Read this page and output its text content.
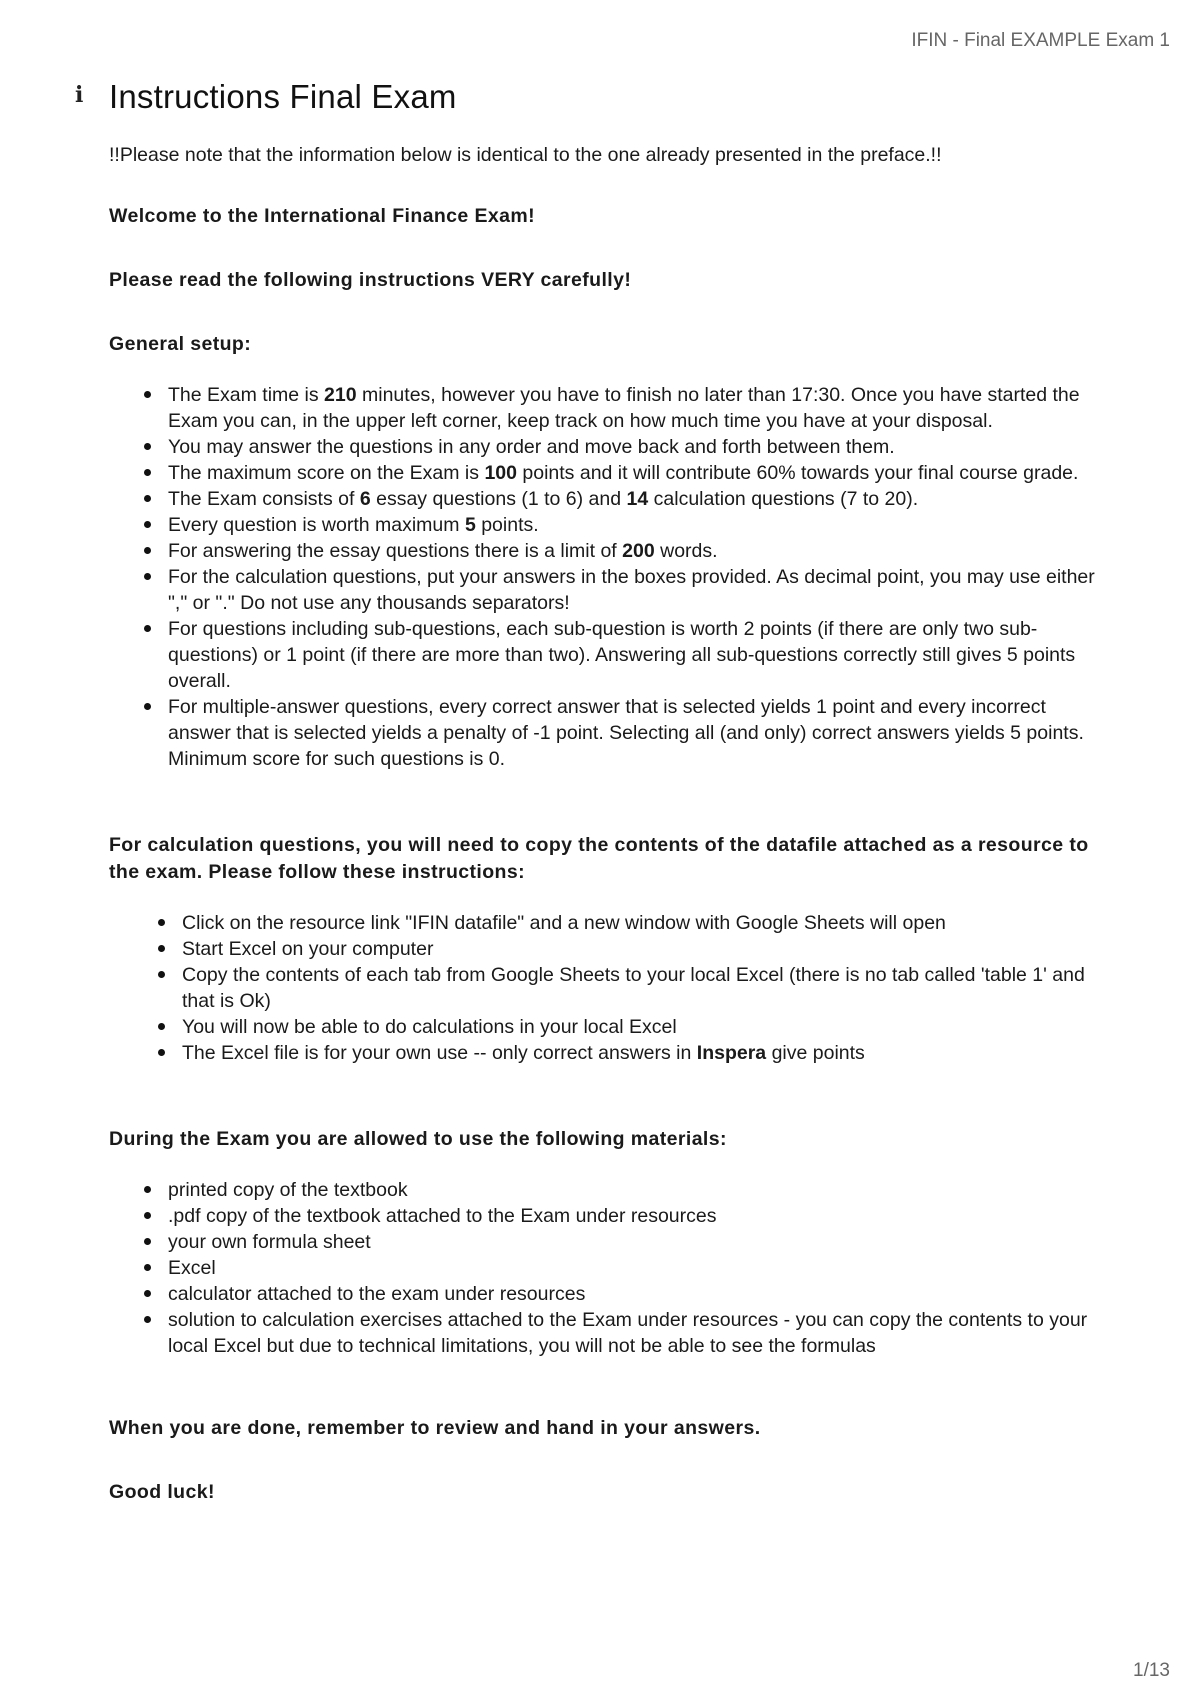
IFIN - Final EXAMPLE Exam 1
i Instructions Final Exam

!!Please note that the information below is identical to the one already presented in the preface.!!

Welcome to the International Finance Exam!

Please read the following instructions VERY carefully!

General setup:

The Exam time is 210 minutes, however you have to finish no later than 17:30. Once you have started the Exam you can, in the upper left corner, keep track on how much time you have at your disposal.
You may answer the questions in any order and move back and forth between them.
The maximum score on the Exam is 100 points and it will contribute 60% towards your final course grade.
The Exam consists of 6 essay questions (1 to 6) and 14 calculation questions (7 to 20).
Every question is worth maximum 5 points.
For answering the essay questions there is a limit of 200 words.
For the calculation questions, put your answers in the boxes provided. As decimal point, you may use either "," or "." Do not use any thousands separators!
For questions including sub-questions, each sub-question is worth 2 points (if there are only two sub-questions) or 1 point (if there are more than two). Answering all sub-questions correctly still gives 5 points overall.
For multiple-answer questions, every correct answer that is selected yields 1 point and every incorrect answer that is selected yields a penalty of -1 point. Selecting all (and only) correct answers yields 5 points. Minimum score for such questions is 0.

For calculation questions, you will need to copy the contents of the datafile attached as a resource to the exam. Please follow these instructions:

Click on the resource link "IFIN datafile" and a new window with Google Sheets will open
Start Excel on your computer
Copy the contents of each tab from Google Sheets to your local Excel (there is no tab called 'table 1' and that is Ok)
You will now be able to do calculations in your local Excel
The Excel file is for your own use -- only correct answers in Inspera give points

During the Exam you are allowed to use the following materials:

printed copy of the textbook
.pdf copy of the textbook attached to the Exam under resources
your own formula sheet
Excel
calculator attached to the exam under resources
solution to calculation exercises attached to the Exam under resources - you can copy the contents to your local Excel but due to technical limitations, you will not be able to see the formulas

When you are done, remember to review and hand in your answers.

Good luck!

1/13
